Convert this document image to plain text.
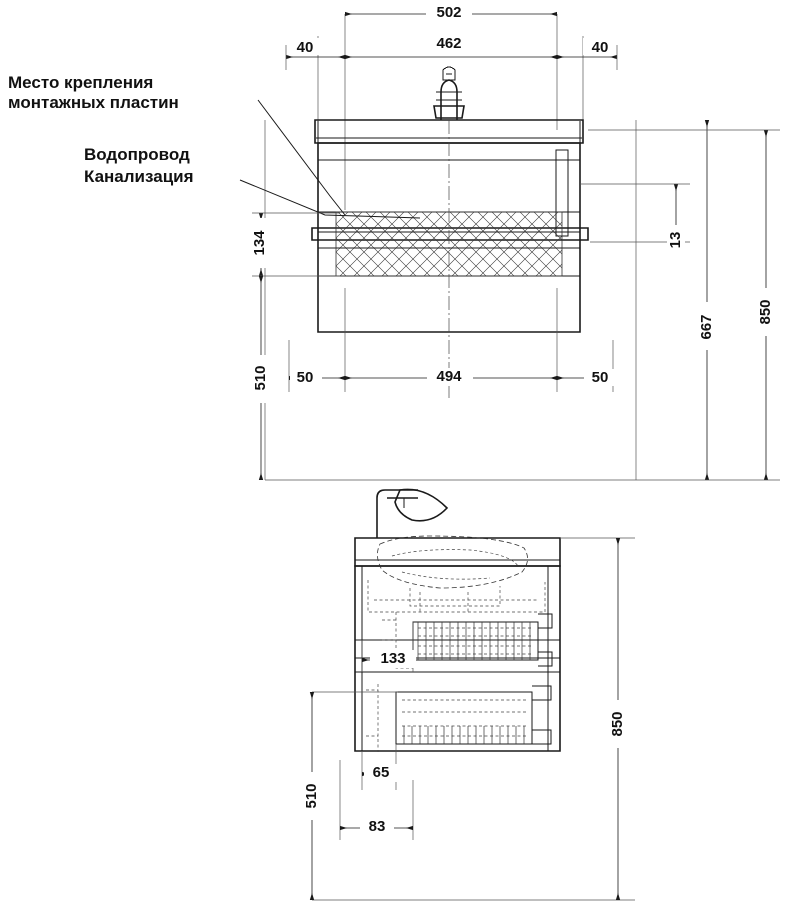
502
462
40	40
Место крепления
монтажных пластин
Водопровод
Канализация
134	13
667
850
510	494
50	50
850
510
133
65
83
